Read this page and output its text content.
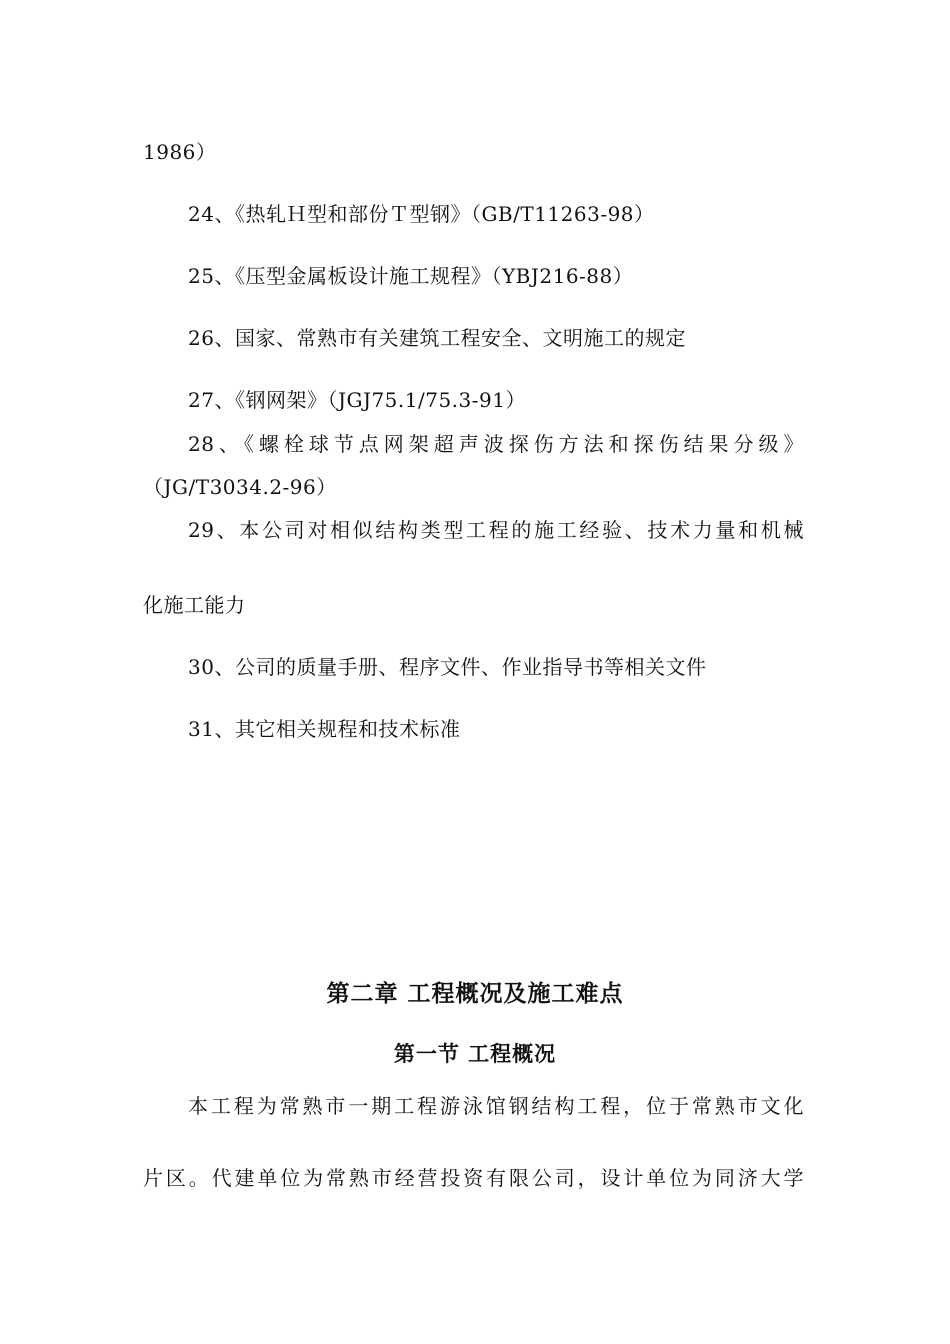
1986）
24、《热轧Ｈ型和部份Ｔ型钢》（GB/T11263-98）
25、《压型金属板设计施工规程》（YBJ216-88）
26、国家、常熟市有关建筑工程安全、文明施工的规定
27、《钢网架》（JGJ75.1/75.3-91）
28、《螺栓球节点网架超声波探伤方法和探伤结果分级》
（JG/T3034.2-96）
29、本公司对相似结构类型工程的施工经验、技术力量和机械
化施工能力
30、公司的质量手册、程序文件、作业指导书等相关文件
31、其它相关规程和技术标准
第二章 工程概况及施工难点
第一节 工程概况
本工程为常熟市一期工程游泳馆钢结构工程，位于常熟市文化
片区。代建单位为常熟市经营投资有限公司，设计单位为同济大学
